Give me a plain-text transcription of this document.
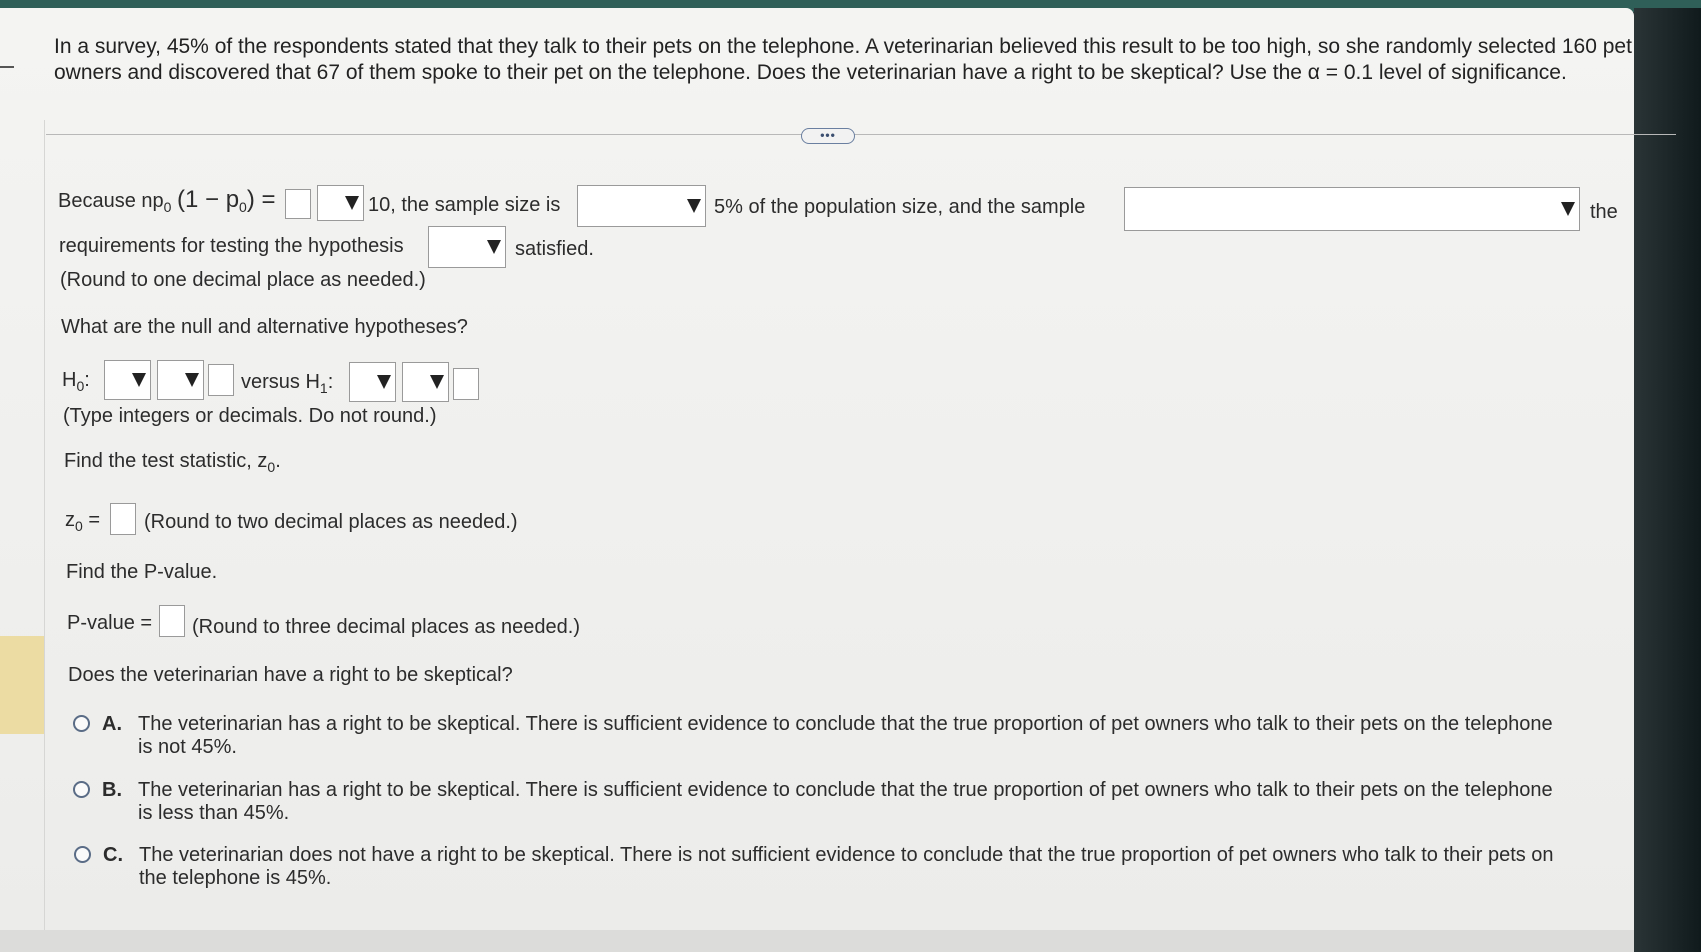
In a survey, 45% of the respondents stated that they talk to their pets on the telephone. A veterinarian believed this result to be too high, so she randomly selected 160 pet
owners and discovered that 67 of them spoke to their pet on the telephone. Does the veterinarian have a right to be skeptical? Use the α = 0.1 level of significance.
•••
Because $np_0$ $(1 - p_0)$ =	10, the sample size is	5% of the population size, and the sample	the
requirements for testing the hypothesis	satisfied.
(Round to one decimal place as needed.)
What are the null and alternative hypotheses?
$H_0$:	versus $H_1$:
(Type integers or decimals. Do not round.)
Find the test statistic, $z_0$.
$z_0$ = (Round to two decimal places as needed.)
Find the P-value.
P-value = (Round to three decimal places as needed.)
Does the veterinarian have a right to be skeptical?
A. The veterinarian has a right to be skeptical. There is sufficient evidence to conclude that the true proportion of pet owners who talk to their pets on the telephone
is not 45%.
B. The veterinarian has a right to be skeptical. There is sufficient evidence to conclude that the true proportion of pet owners who talk to their pets on the telephone
is less than 45%.
C. The veterinarian does not have a right to be skeptical. There is not sufficient evidence to conclude that the true proportion of pet owners who talk to their pets on
the telephone is 45%.
